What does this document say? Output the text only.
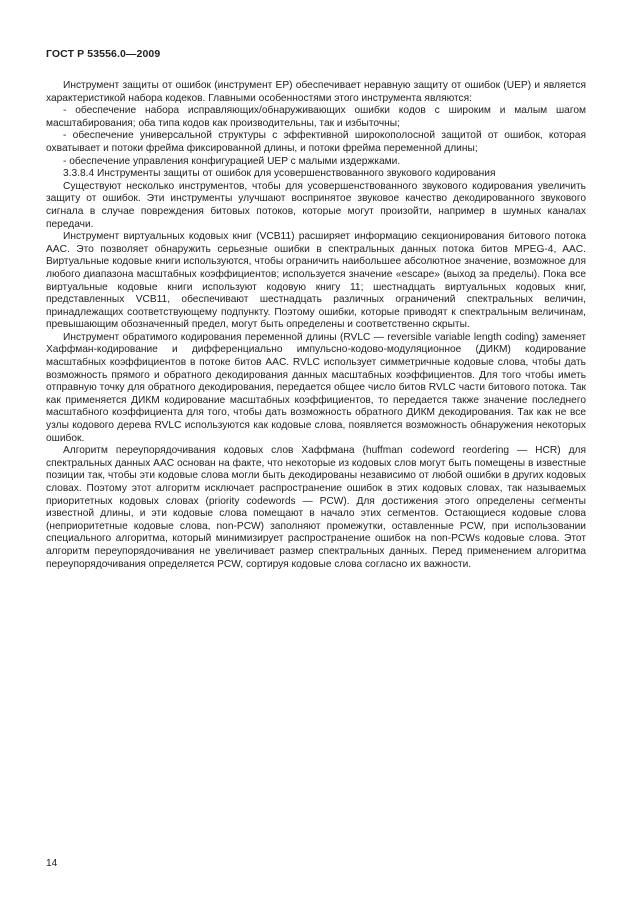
ГОСТ Р 53556.0—2009

Инструмент защиты от ошибок (инструмент EP) обеспечивает неравную защиту от ошибок (UEP) и является характеристикой набора кодеков. Главными особенностями этого инструмента являются:

- обеспечение набора исправляющих/обнаруживающих ошибки кодов с широким и малым шагом масштабирования; оба типа кодов как производительны, так и избыточны;

- обеспечение универсальной структуры с эффективной широкополосной защитой от ошибок, которая охватывает и потоки фрейма фиксированной длины, и потоки фрейма переменной длины;

- обеспечение управления конфигурацией UEP с малыми издержками.

3.3.8.4 Инструменты защиты от ошибок для усовершенствованного звукового кодирования

Существуют несколько инструментов, чтобы для усовершенствованного звукового кодирования увеличить защиту от ошибок. Эти инструменты улучшают воспринятое звуковое качество декодированного звукового сигнала в случае повреждения битовых потоков, которые могут произойти, например в шумных каналах передачи.

Инструмент виртуальных кодовых книг (VCB11) расширяет информацию секционирования битового потока AAC. Это позволяет обнаружить серьезные ошибки в спектральных данных потока битов MPEG-4, AAC. Виртуальные кодовые книги используются, чтобы ограничить наибольшее абсолютное значение, возможное для любого диапазона масштабных коэффициентов; используется значение «escape» (выход за пределы). Пока все виртуальные кодовые книги используют кодовую книгу 11; шестнадцать виртуальных кодовых книг, представленных VCB11, обеспечивают шестнадцать различных ограничений спектральных величин, принадлежащих соответствующему подпункту. Поэтому ошибки, которые приводят к спектральным величинам, превышающим обозначенный предел, могут быть определены и соответственно скрыты.

Инструмент обратимого кодирования переменной длины (RVLC — reversible variable length coding) заменяет Хаффман-кодирование и дифференциально импульсно-кодово-модуляционное (ДИКМ) кодирование масштабных коэффициентов в потоке битов AAC. RVLC использует симметричные кодовые слова, чтобы дать возможность прямого и обратного декодирования данных масштабных коэффициентов. Для того чтобы иметь отправную точку для обратного декодирования, передается общее число битов RVLC части битового потока. Так как применяется ДИКМ кодирование масштабных коэффициентов, то передается также значение последнего масштабного коэффициента для того, чтобы дать возможность обратного ДИКМ декодирования. Так как не все узлы кодового дерева RVLC используются как кодовые слова, появляется возможность обнаружения некоторых ошибок.

Алгоритм переупорядочивания кодовых слов Хаффмана (huffman codeword reordering — HCR) для спектральных данных AAC основан на факте, что некоторые из кодовых слов могут быть помещены в известные позиции так, чтобы эти кодовые слова могли быть декодированы независимо от любой ошибки в других кодовых словах. Поэтому этот алгоритм исключает распространение ошибок в этих кодовых словах, так называемых приоритетных кодовых словах (priority codewords — PCW). Для достижения этого определены сегменты известной длины, и эти кодовые слова помещают в начало этих сегментов. Остающиеся кодовые слова (неприоритетные кодовые слова, non-PCW) заполняют промежутки, оставленные PCW, при использовании специального алгоритма, который минимизирует распространение ошибок на non-PCWs кодовые слова. Этот алгоритм переупорядочивания не увеличивает размер спектральных данных. Перед применением алгоритма переупорядочивания определяется PCW, сортируя кодовые слова согласно их важности.

14
